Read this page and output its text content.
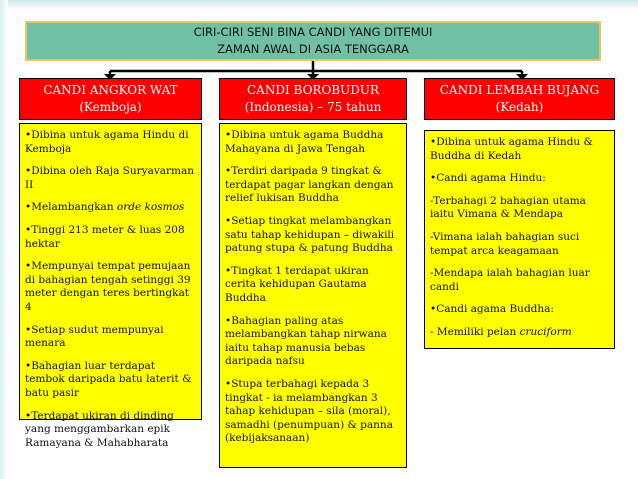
CIRI-CIRI SENI BINA CANDI YANG DITEMUI
ZAMAN AWAL DI ASIA TENGGARA
CANDI ANGKOR WAT
(Kemboja)

•Dibina untuk agama Hindu di Kemboja

•Dibina oleh Raja Suryavarman II

•Melambangkan orde kosmos

•Tinggi 213 meter & luas 208 hektar

•Mempunyai tempat pemujaan di bahagian tengah setinggi 39 meter dengan teres bertingkat 4

•Setiap sudut mempunyai menara

•Bahagian luar terdapat tembok daripada batu laterit & batu pasir

•Terdapat ukiran di dinding yang menggambarkan epik Ramayana & Mahabharata

CANDI BOROBUDUR
(Indonesia) – 75 tahun

•Dibina untuk agama Buddha Mahayana di Jawa Tengah

•Terdiri daripada 9 tingkat & terdapat pagar langkan dengan relief lukisan Buddha

•Setiap tingkat melambangkan satu tahap kehidupan – diwakili patung stupa & patung Buddha

•Tingkat 1 terdapat ukiran cerita kehidupan Gautama Buddha

•Bahagian paling atas melambangkan tahap nirwana iaitu tahap manusia bebas daripada nafsu

•Stupa terbahagi kepada 3 tingkat - ia melambangkan 3 tahap kehidupan – sila (moral), samadhi (penumpuan) & panna (kebijaksanaan)

CANDI LEMBAH BUJANG
(Kedah)

•Dibina untuk agama Hindu & Buddha di Kedah

•Candi agama Hindu:

-Terbahagi 2 bahagian utama iaitu Vimana & Mendapa

-Vimana ialah bahagian suci tempat arca keagamaan

-Mendapa ialah bahagian luar candi

•Candi agama Buddha:

- Memiliki pelan cruciform
